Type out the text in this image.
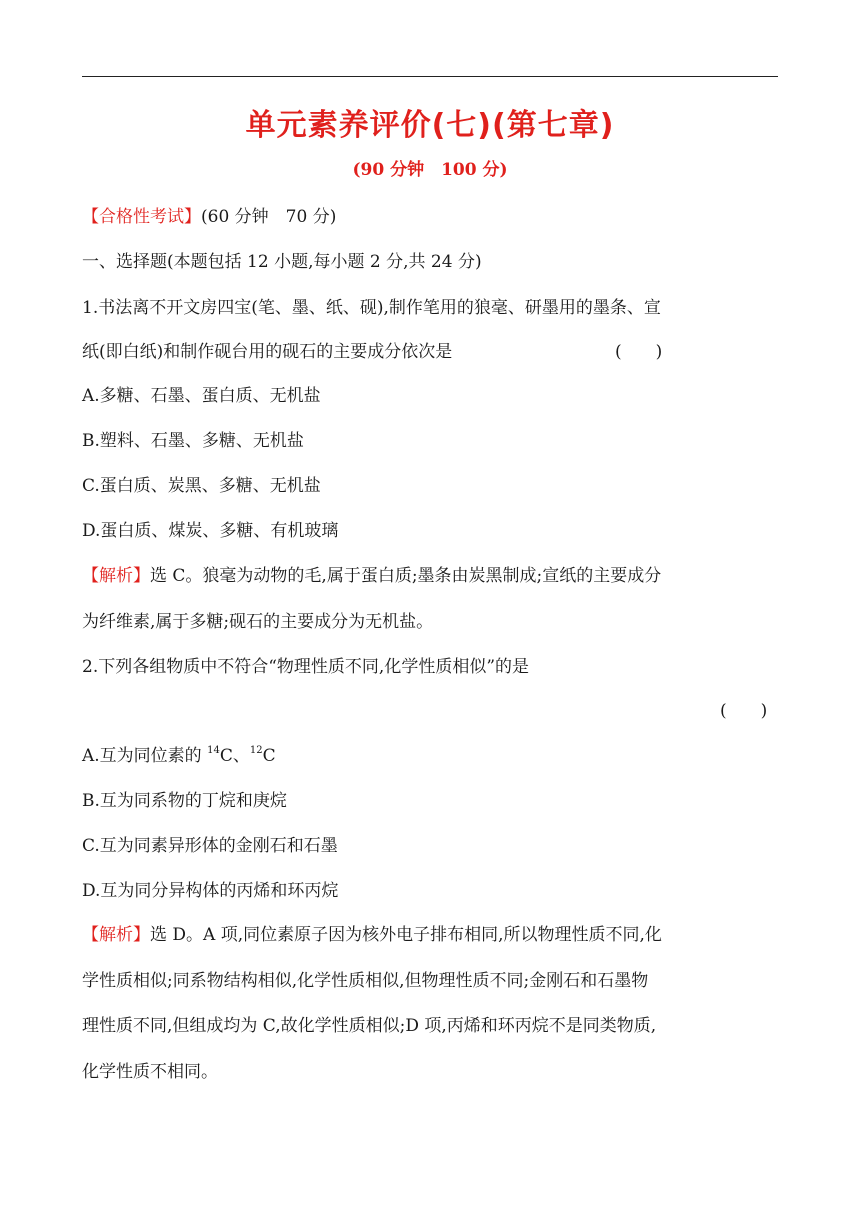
单元素养评价(七)(第七章)
(90 分钟　100 分)
【合格性考试】(60 分钟　70 分)
一、选择题(本题包括 12 小题,每小题 2 分,共 24 分)
1.书法离不开文房四宝(笔、墨、纸、砚),制作笔用的狼毫、研墨用的墨条、宣
纸(即白纸)和制作砚台用的砚石的主要成分依次是	(　　)
A.多糖、石墨、蛋白质、无机盐
B.塑料、石墨、多糖、无机盐
C.蛋白质、炭黑、多糖、无机盐
D.蛋白质、煤炭、多糖、有机玻璃
【解析】选 C。狼毫为动物的毛,属于蛋白质;墨条由炭黑制成;宣纸的主要成分
为纤维素,属于多糖;砚石的主要成分为无机盐。
2.下列各组物质中不符合“物理性质不同,化学性质相似”的是
(　　)
A.互为同位素的 $^{14}$C、$^{12}$C
B.互为同系物的丁烷和庚烷
C.互为同素异形体的金刚石和石墨
D.互为同分异构体的丙烯和环丙烷
【解析】选 D。A 项,同位素原子因为核外电子排布相同,所以物理性质不同,化
学性质相似;同系物结构相似,化学性质相似,但物理性质不同;金刚石和石墨物
理性质不同,但组成均为 C,故化学性质相似;D 项,丙烯和环丙烷不是同类物质,
化学性质不相同。
